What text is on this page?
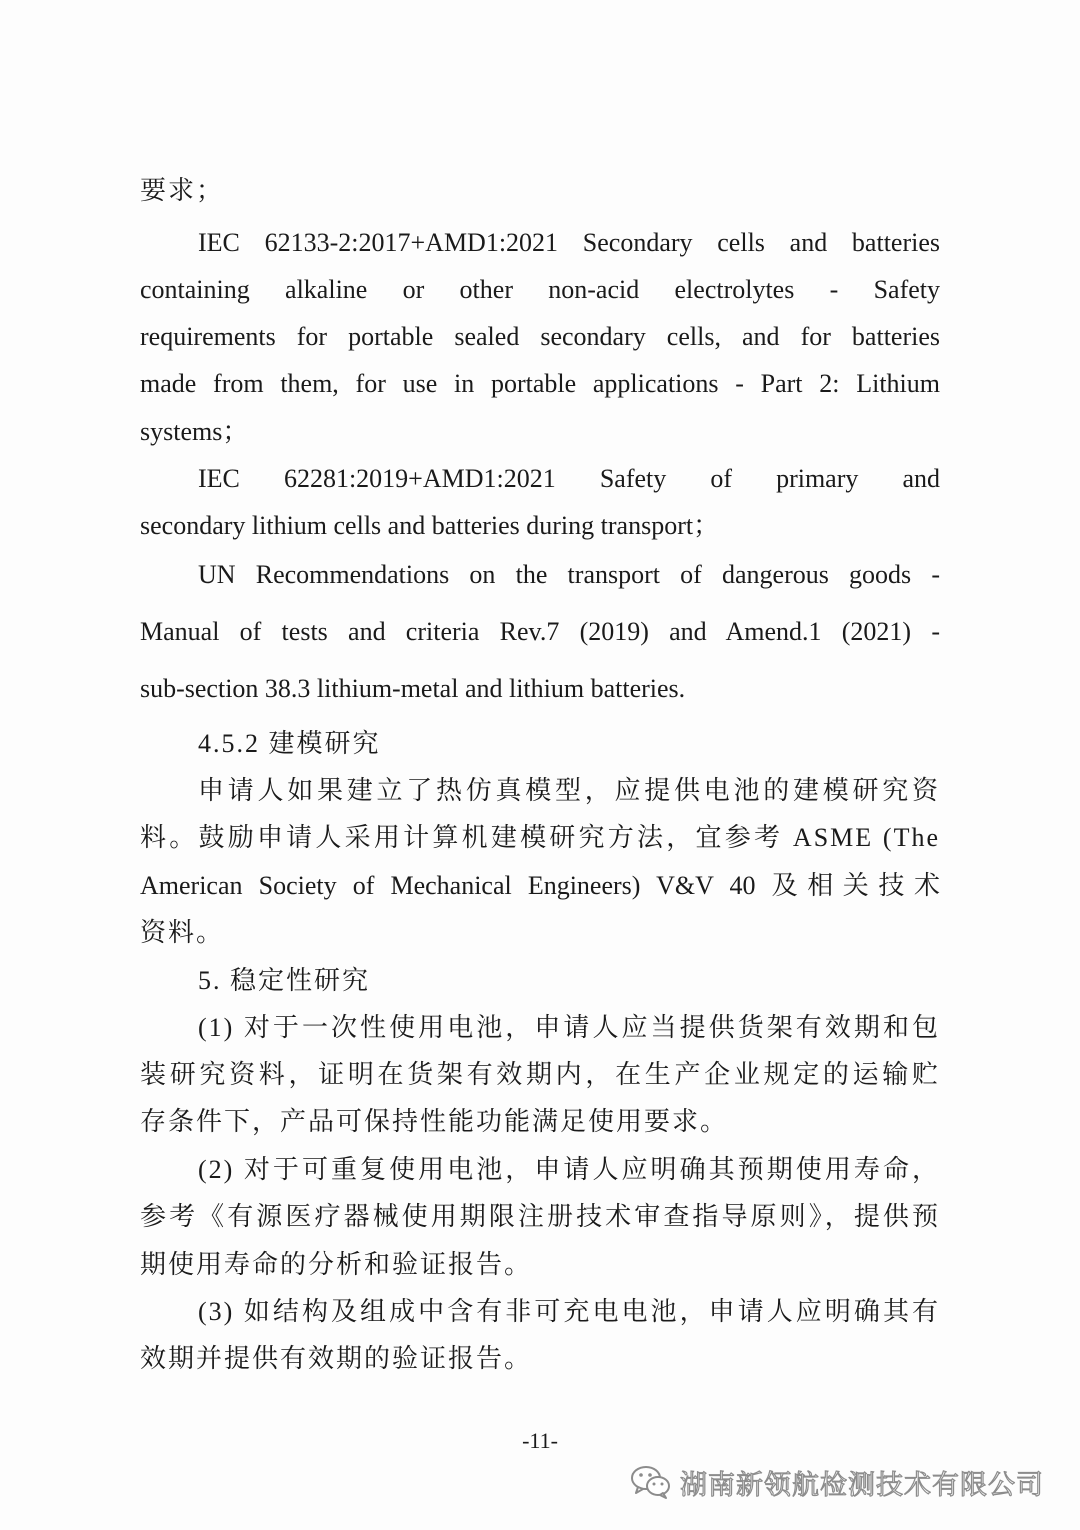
要求；
IEC 62133-2:2017+AMD1:2021 Secondary cells and batteries
containing alkaline or other non-acid electrolytes - Safety
requirements for portable sealed secondary cells, and for batteries
made from them, for use in portable applications - Part 2: Lithium
systems；
IEC 62281:2019+AMD1:2021 Safety of primary and
secondary lithium cells and batteries during transport；
UN Recommendations on the transport of dangerous goods -
Manual of tests and criteria Rev.7 (2019) and Amend.1 (2021) -
sub-section 38.3 lithium-metal and lithium batteries.
4.5.2 建模研究
申请人如果建立了热仿真模型，应提供电池的建模研究资
料。鼓励申请人采用计算机建模研究方法，宜参考 ASME (The
American Society of Mechanical Engineers) V&V 40 及相关技术
资料。
5. 稳定性研究
(1) 对于一次性使用电池，申请人应当提供货架有效期和包
装研究资料，证明在货架有效期内，在生产企业规定的运输贮
存条件下，产品可保持性能功能满足使用要求。
(2) 对于可重复使用电池，申请人应明确其预期使用寿命，
参考《有源医疗器械使用期限注册技术审查指导原则》，提供预
期使用寿命的分析和验证报告。
(3) 如结构及组成中含有非可充电电池，申请人应明确其有
效期并提供有效期的验证报告。
-11-
湖南新领航检测技术有限公司
